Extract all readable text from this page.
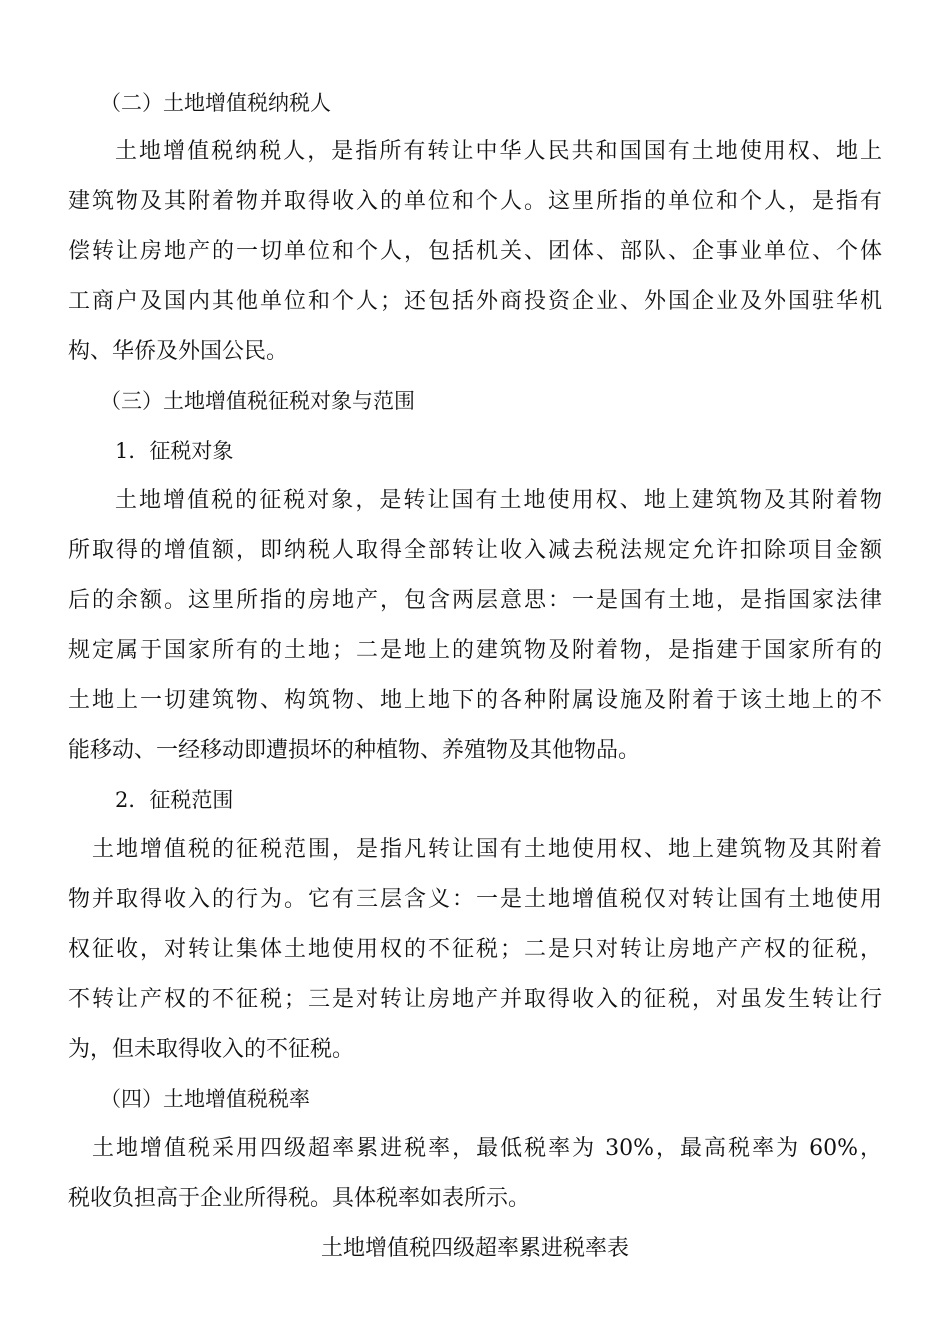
（二）土地增值税纳税人
土地增值税纳税人，是指所有转让中华人民共和国国有土地使用权、地上
建筑物及其附着物并取得收入的单位和个人。这里所指的单位和个人，是指有
偿转让房地产的一切单位和个人，包括机关、团体、部队、企事业单位、个体
工商户及国内其他单位和个人；还包括外商投资企业、外国企业及外国驻华机
构、华侨及外国公民。
（三）土地增值税征税对象与范围
1．征税对象
土地增值税的征税对象，是转让国有土地使用权、地上建筑物及其附着物
所取得的增值额，即纳税人取得全部转让收入减去税法规定允许扣除项目金额
后的余额。这里所指的房地产，包含两层意思：一是国有土地，是指国家法律
规定属于国家所有的土地；二是地上的建筑物及附着物，是指建于国家所有的
土地上一切建筑物、构筑物、地上地下的各种附属设施及附着于该土地上的不
能移动、一经移动即遭损坏的种植物、养殖物及其他物品。
2．征税范围
土地增值税的征税范围，是指凡转让国有土地使用权、地上建筑物及其附着
物并取得收入的行为。它有三层含义：一是土地增值税仅对转让国有土地使用
权征收，对转让集体土地使用权的不征税；二是只对转让房地产产权的征税，
不转让产权的不征税；三是对转让房地产并取得收入的征税，对虽发生转让行
为，但未取得收入的不征税。
（四）土地增值税税率
土地增值税采用四级超率累进税率，最低税率为 30%，最高税率为 60%，
税收负担高于企业所得税。具体税率如表所示。
土地增值税四级超率累进税率表
